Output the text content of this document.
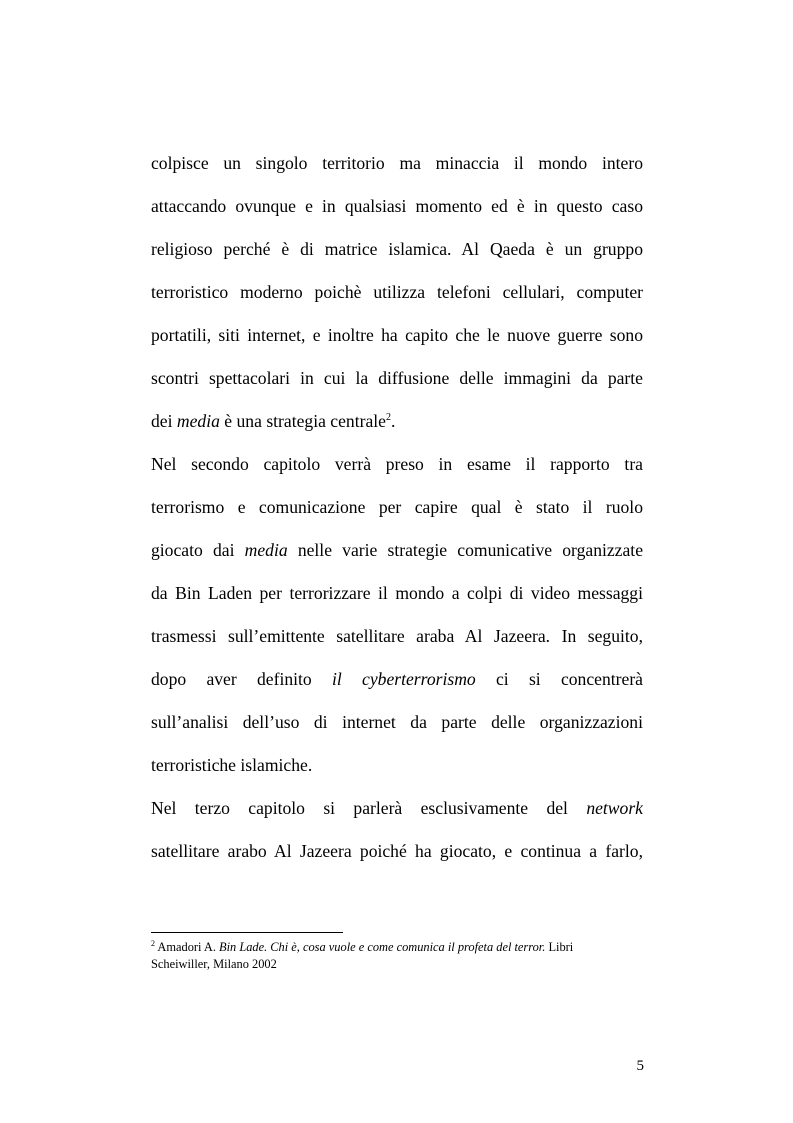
colpisce un singolo territorio ma minaccia il mondo intero
attaccando ovunque e in qualsiasi momento ed è in questo caso
religioso perché è di matrice islamica. Al Qaeda è un gruppo
terroristico moderno poichè utilizza telefoni cellulari, computer
portatili, siti internet, e inoltre ha capito che le nuove guerre sono
scontri spettacolari in cui la diffusione delle immagini da parte
dei media è una strategia centrale$^2$.
Nel secondo capitolo verrà preso in esame il rapporto tra
terrorismo e comunicazione per capire qual è stato il ruolo
giocato dai media nelle varie strategie comunicative organizzate
da Bin Laden per terrorizzare il mondo a colpi di video messaggi
trasmessi sull’emittente satellitare araba Al Jazeera. In seguito,
dopo aver definito il cyberterrorismo ci si concentrerà
sull’analisi dell’uso di internet da parte delle organizzazioni
terroristiche islamiche.
Nel terzo capitolo si parlerà esclusivamente del network
satellitare arabo Al Jazeera poiché ha giocato, e continua a farlo,
$^2$ Amadori A. Bin Lade. Chi è, cosa vuole e come comunica il profeta del terror. Libri
Scheiwiller, Milano 2002
5
